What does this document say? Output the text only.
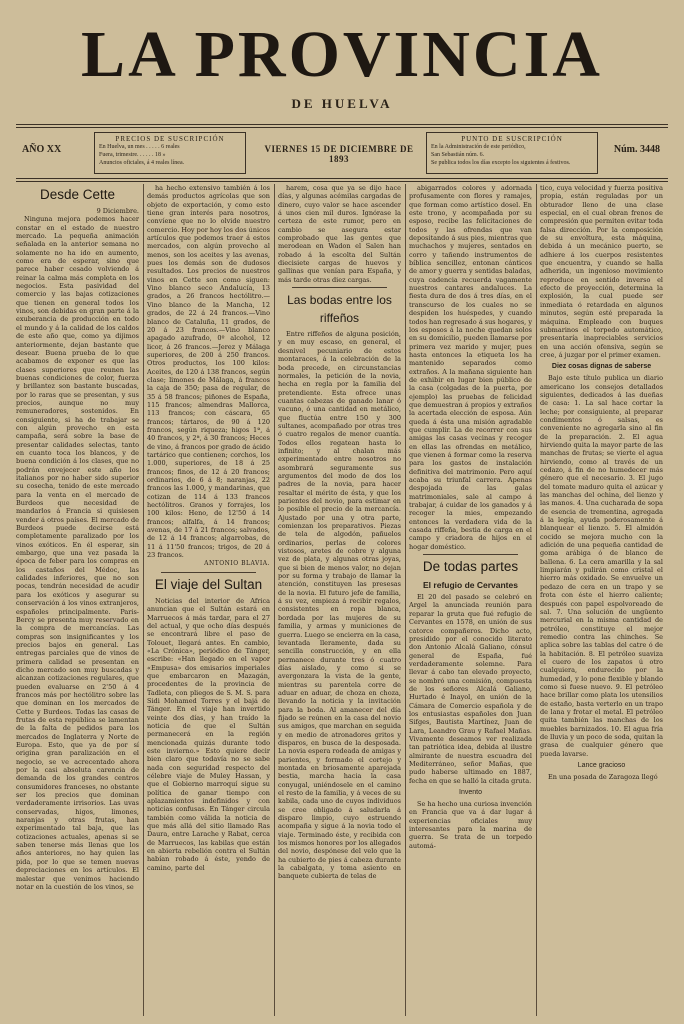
LA PROVINCIA
DE HUELVA
AÑO XX
PRECIOS DE SUSCRIPCIÓN
En Huelva, un mes . . . . . 6 reales
Fuera, trimestre. . . . . . 18 »
Anuncios oficiales, á 4 reales línea.
VIERNES 15 DE DICIEMBRE DE 1893
PUNTO DE SUSCRIPCIÓN
En la Administración de este periódico,
San Sebastián núm. 6.
Se publica todos los días excepto los siguientes á festivos.
Núm. 3448
Desde Cette
9 Diciembre.

Ninguna mejora podemos hacer constar en el estado de nuestro mercado. La pequeña animación señalada en la anterior semana no solamente no ha ido en aumento, como era de esperar, sino que parece haber cesado volviendo á reinar la calma más completa en los negocios. Esta pasividad del comercio y las bajas cotizaciones que tienen en general todos los vinos, son debidas en gran parte á la exuberancia de producción en todo el mundo y á la calidad de los caldos de este año que, como ya dijimos anteriormente, dejan bastante que desear. Buena prueba de lo que acabamos de exponer es que las clases superiores que reunen las buenas condiciones de color, fuerza y brillantez son bastante buscadas, por lo raras que se presentan, y sus precios, aunque no muy remuneradores, sostenidos. En consiguiente, si ha de trabajar se con algún provecho en esta campaña, será sobre la base de presentar calidades selectas, tanto en cuanto toca los blancos, y de buena condición á los clases, que no podrán envejecer este año los italianos por no haber sido superior su cosecha, tenido de este mercado para la venta en el mercado de Burdeos que necesidad de mandarlos á Francia si quisiesen vender á otros países. El mercado de Burdeos puede decirse está completamente paralizado por los vinos exóticos. En él esperar, sin embargo, que una vez pasada la época de feber para los compras en los castaños del Médoc, las calidades inferiores, que no son pocas, tendrán necesidad de acudir para los exóticos y asegurar su conservación á los vinos extranjeros, españoles principalmente. Paris-Bercy se presenta muy reservado en la compra de mercancías. Las compras son insignificantes y los precios bajos en general. Las entregas parciales que de vinos de primera calidad se presentan en dicho mercado son muy buscadas y alcanzan cotizaciones regulares, que pueden evaluarse en 2'50 á 4 francos más por hectólitro sobre las que dominan en los mercados de Cette y Burdeos. Todas las casas de frutas de esta república se lamentan de la falta de pedidos para los mercados de Inglaterra y Norte de Europa. Esto, que ya de por sí origina gran paralización en el negocio, se ve acrecentado ahora por la casi absoluta carencia de demanda de los grandes centros consumidores franceses, no obstante ser los precios que dominan verdaderamente irrisorios. Las uvas conservadas, higos, limones, naranjas y otras frutas, han experimentado tal baja, que las cotizaciones actuales, apenas si se saben tenerse más llenas que los años anteriores, no hay quien las pida, por lo que se temen nuevas depreciaciones en los artículos. El malestar que venimos haciendo notar en la cuestión de los vinos, se

ha hecho extensivo también á los demás productos agrícolas que son objeto de exportación, y como esto tiene gran interés para nosotros, convíene que no lo olvide nuestro comercio. Hoy por hoy los dos únicos artículos que podemos traer á estos mercados, con algún provecho al menos, son los aceites y las avenas, pues los demás son de dudosos resultados. Los precios de nuestros vinos en Cette son como siguen: Vino blanco seco Andalucía, 13 grados, a 26 francos hectólitro.—Vino blanco de la Mancha, 12 grados, de 22 á 24 francos.—Vino blanco de Cataluña, 11 grados, de 20 á 23 francos.—Vino blanco apagado azufrado, 0º alcohol, 12 licor, á 26 francos.—Jerez y Málaga superiores, de 200 á 250 francos. Otros productos, los 100 kilos: Aceites, de 120 á 138 francos, según clase; limones de Málaga, á francos la caja de 350; pasa de regular, de 35 á 58 francos; piñones de España, 115 francos; almendras Mallorca, 113 francos; con cáscara, 65 francos; tártaros, de 90 á 120 francos, según riqueza; higos 1ª, á 40 francos, y 2ª, á 30 francos; Heces de vino, á francos por grado de ácido tartárico que contienen; corchos, los 1.000, superiores, de 18 á 25 francos; finos, de 12 á 20 francos; ordinarios, de 6 á 8; naranjas, 22 francos las 1.000, y mandarinas, que cotizan de 114 á 133 francos hectólitros. Granos y forrajes, los 100 kilos: Heno, de 12'50 á 14 francos; alfalfa, á 14 francos; avenas, de 17 á 21 francos; salvados, de 12 á 14 francos; algarrobas, de 11 á 11'50 francos; trigos, de 20 á 23 francos.

ANTONIO BLAVIA.
El viaje del Sultan

Noticias del interior de Africa anuncian que el Sultán estará en Marruecos á más tardar, para el 27 del actual, y que ocho días después se encontrará libre el paso de Tolouet, llegará antes. En cambio, «La Crónica», periódico de Tánger, escribe: «Han llegado en el vapor «Empusa» dos emisarios imperiales que embarcaron en Mazagán, procedentes de la provincia de Tadleta, con pliegos de S. M. S. para Sidi Mohamed Torres y el bajá de Tánger. En el viaje han invertido veinte dos días, y han traído la noticia de que el Sultán permanecerá en la región mencionada quizás durante todo este invierno.» Esto quiere decir bien claro que todavía no se sabe nada con seguridad respecto del célebre viaje de Muley Hassan, y que el Gobierno marroquí sigue su política de ganar tiempo con aplazamientos indefinidos y con noticias confusas. En Tánger circula también como válida la noticia de que más allá del sitio llamado Ras Daura, entre Larache y Rabat, cerca de Marruecos, las kabilas que están en abierta rebelión contra el Sultán habían robado á éste, yendo de camino, parte del

harem, cosa que ya se dijo hace días, y algunas acémilas cargadas de dinero, cuyo valor se hace ascender á unos cien mil duros. Ignórase la certeza de este rumor, pero en cambio se asegura estar comprobado que las gentes que merodean en Wadon el Salen han robado á la escolta del Sultán diecisiete cargas de huevos y gallinas que venían para España, y más tarde otras diez cargas.

Las bodas entre los riffeños

Entre riffeños de alguna posición, y en muy escaso, en general, el desnivel pecuniario de estos montaraces, á la celebración de la boda precede, en circunstancias normales, la petición de la novia, hecha en regla por la familia del pretendiente. Esta ofrece unas cuantas cabezas de ganado lanar ó vacuno, ó una cantidad en metálico, que fluctúa entre 150 y 300 sultanes, acompañado por otras tres ó cuatro regalos de menor cuantía. Todos ellos regatean hasta lo infinito; y al chalan más experimentado entre nosotros no asombrará seguramente sus argumentos del modo de dos los padres de la novia, para hacer resaltar el mérito de ésta, y que los parientes del novio, para estimar en lo posible el precio de la mercancía. Ajustado por una y otra parte, comienzan los preparativos. Piezas de tela de algodón, pañuelos ordinarios, perlas de colores vistosos, aretes de cobre y alguna vez de plata, y algunas otras joyas, que si bien de menos valor, no dejan por su forma y trabajo de llamar la atención, constituyen las presesas de la novia. El futuro jefe de familia, á su vez, empieza á recibir regalos, consistentes en ropa blanca, bordada por las mujeres de su familia, y armas y municiones de guerra. Luego se encierra en la casa, levantada lleramente, dada su sencilla construcción, y en ella permanece durante tres ó cuatro días aislado, y como si se avergonzara la vista de la gente, mientras su parentela corre de aduar en aduar, de choza en choza, llevando la noticia y la invitación para la boda. Al amanecer del día fijado se reúnen en la casa del novio sus amigos, que marchan en seguida y en medio de atronadores gritos y disparos, en busca de la desposada. La novia espera rodeada de amigas y parientes, y formado el cortejo y montada en briosamente aparejada bestia, marcha hacia la casa conyugal, uniéndosele en el camino el resto de la familia, y á veces de su kabila, cada uno de cuyos individuos se cree obligado á saludarla á disparo limpio, cuyo estruendo acompaña y sigue á la novia todo el viaje. Terminado éste, y recibida con los mismos honores por los allegados del novio, despónese del velo que la ha cubierto de pies á cabeza durante la cabalgata, y toma asiento en banquete cubierta de telas de

abigarrados colores y adornada profusamente con flores y ramajes, que forman como artístico dosel. En este trono, y acompañada por su esposo, recibe las felicitaciones de todos y las ofrendas que van depositando á sus pies, mientras que muchachos y mujeres, sentados en corro y tañendo instrumentos de bíblica sencillez, entonan cánticos de amor y guerra y sentidas baladas, cuya cadencia recuerda vagamente nuestros cantares andaluces. La fiesta dura de dos á tres días, en el transcurso de los cuales no se despiden los huéspedes, y cuando todos han regresado á sus hogares, y los esposos á la noche quedan solos en su domicilio, pueden llamarse por primera vez marido y mujer, pues hasta entonces la etiqueta los ha mantenido separados como extraños. A la mañana siguiente han de exhibir en lugar bien público de la casa (colgadas de la puerta, por ejemplo) las pruebas de felicidad que demuestran á propios y extraños la acertada elección de esposa. Aún queda á ésta una misión agradable que cumplir. La de recorrer con sus amigas las casas vecinas y recoger en ellas las ofrendas en metálico, que vienen á formar como la reserva para los gastos de instalación definitiva del matrimonio. Pero aquí acaba su triunfal carrera. Apenas despojada de las galas matrimoniales, sale al campo á trabajar, á cuidar de los ganados y á recoger la mies, empezando entonces la verdadera vida de la casada riffeña, bestia de carga en el campo y criadora de hijos en el hogar doméstico.

De todas partes
El refugio de Cervantes

El 20 del pasado se celebró en Argel la anunciada reunión para reparar la gruta que fué refugio de Cervantes en 1578, en unión de sus catorce compañeros. Dicho acto, presidido por el conocido literato don Antonio Alcalá Galiano, cónsul general de España, fué verdaderamente solemne. Para llevar á cabo tan elevado proyecto, se nombró una comisión, compuesta de los señores Alcalá Galiano, Hurtado é Inayol, en unión de la Cámara de Comercio española y de los entusiastas españoles don Juan Sifges, Bautista Martínez, Juan de Lara, Leandro Grau y Rafael Mañas. Vivamente deseamos ver realizada tan patriótica idea, debida al ilustre almirante de nuestra escuadra del Mediterráneo, señor Mañas, que pudo haberse ultimado en 1887, fecha en que se halló la citada gruta.

Invento

Se ha hecho una curiosa invención en Francia que va á dar lugar á experiencias oficiales muy interesantes para la marina de guerra. Se trata de un torpedo automá-

tico, cuya velocidad y fuerza positiva propia, están reguladas por un obturador lleno de una clase especial, en el cual obran frenos de compresión que permiten evitar toda falsa dirección. Por la composición de su envoltura, esta máquina, debida á un mecánico puerto, se adhiere á los cuerpos resistentes que encuentra, y cuando se halla adherida, un ingenioso movimiento reproduce en sentido inverso el efecto de proyección, determina la explosión, la cual puede ser inmediata ó retardada en algunos minutos, según esté preparada la máquina. Empleado con buques submarinos el torpedo automático, presentaría inapreciables servicios en una acción ofensiva, según se cree, á juzgar por el primer examen.

Diez cosas dignas de saberse

Bajo este título publica un diario americano los consejos detallados siguientes, dedicados á las dueñas de casa: 1. La sal hace cortar la leche; por consiguiente, al preparar condimentos ó salsas, es conveniente no agregarla sino al fin de la preparación. 2. El agua hirviendo quita la mayor parte de las manchas de frutas; se vierte el agua hirviendo, como al través de un cedazo, á fin de no humedecer más género que el necesario. 3. El jugo del tomate maduro quita el azúcar y las manchas del ochina, del lienzo y las manos. 4. Una cucharada de sopa de esencia de trementina, agregada á la legía, ayuda poderosamente á blanquear el lienzo. 5. El almidón cocido se mejora mucho con la adición de una pequeña cantidad de goma arábiga ó de blanco de ballena. 6. La cera amarilla y la sal limpiarán y pulirán como cristal el hierro más oxidado. Se envuelve un pedazo de cera en un trapo y se frota con éste el hierro caliente; después con papel espolvoreado de sal. 7. Una solución de ungüento mercurial en la misma cantidad de petróleo, constituye el mejor remedio contra las chinches. Se aplica sobre las tablas del catre ó de la habitación. 8. El petróleo suaviza el cuero de los zapatos ú otro cualquiera, endurecido por la humedad, y lo pone flexible y blando como si fuese nuevo. 9. El petróleo hace brillar como plata los utensilios de estaño, basta verterlo en un trapo de lana y frotar el metal. El petróleo quita también las manchas de los muebles barnizados. 10. El agua fría de lluvia y un poco de soda, quitan la grasa de cualquier género que pueda lavarse.

Lance gracioso

En una posada de Zaragoza llegó
